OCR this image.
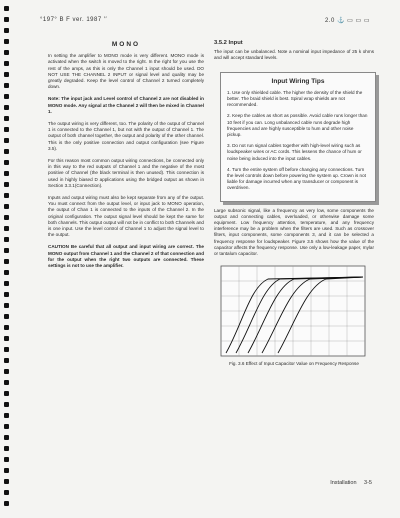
°197° B F ver. 1987 ′′	2.0 ⚓ ▭ ▭ ▭
MONO

In setting the amplifier to MONO mode is very different. MONO mode is activated when the switch is moved to the right. In the right for you use the rest of the amps, as this is only the Channel 1 input should be used. DO NOT USE THE CHANNEL 2 INPUT or signal level and quality may be greatly degraded. Keep the level control of Channel 2 turned completely down.

Note: The input jack and Level control of Channel 2 are not disabled in MONO mode. Any signal at the Channel 2 will then be mixed in Channel 1.

The output wiring is very different, too. The polarity of the output of Channel 1 is connected to the Channel 1, but not with the output of Channel 1. The output of both channel together, the output and polarity of the other channel. This is the only positive connection and output configuration (see Figure 3.5).

For this reason most common output wiring connections, be connected only in this way to the red outputs of Channel 1 and the negative of the most positive of Channel (the black terminal is then unused). This connection is used in highly biased D applications using the bridged output as shown in Section 3.3.1(Connection).

Inputs and output wiring must also be kept separate from any of the output. You must connect from the output level, or input jack to MONO operation, the output of Chan 1 is connected to the inputs of the Channel 2. In the original configuration. The output signal level should be kept the same for both channels. This output output will not be in conflict to both Channels and is one input. Use the level control of Channel 1 to adjust the signal level to the output.

CAUTION Be careful that all output and input wiring are correct. The MONO output from Channel 1 and the Channel 2 of that connection and for the output when the right two outputs are connected. These settings is not to use the amplifier.

3.5.2 Input

The input can be unbalanced. Note a nominal input impedance of 25 k ohms and will accept standard levels.

Input Wiring Tips

1. Use only shielded cable. The higher the density of the shield the better. The braid shield is best. Spiral wrap shields are not recommended.

2. Keep the cables as short as possible. Avoid cable runs longer than 10 feet if you can. Long unbalanced cable runs degrade high frequencies and are highly susceptible to hum and other noise pickup.

3. Do not run signal cables together with high-level wiring such as loudspeaker wires or AC cords. This lessens the chance of hum or noise being induced into the input cables.

4. Turn the entire system off before changing any connections. Turn the level controls down before powering the system up. Crown is not liable for damage incurred when any transducer or component is overdriven.

Large subsonic signal, like a frequency as very low, some components the output and connecting cables, overloaded, or otherwise damage some equipment. Low frequency attention, temperature, and any frequency interference may be a problem when the filters are used. Such as crossover filters, input components, some components 3, and it can be selected a frequency response for loudspeaker. Figure 3.5 shows how the value of the capacitor affects the frequency response. Use only a low-leakage paper, mylar or tantalum capacitor.

Fig. 3.6 Effect of Input Capacitor Value on Frequency Response
Installation 3-5
